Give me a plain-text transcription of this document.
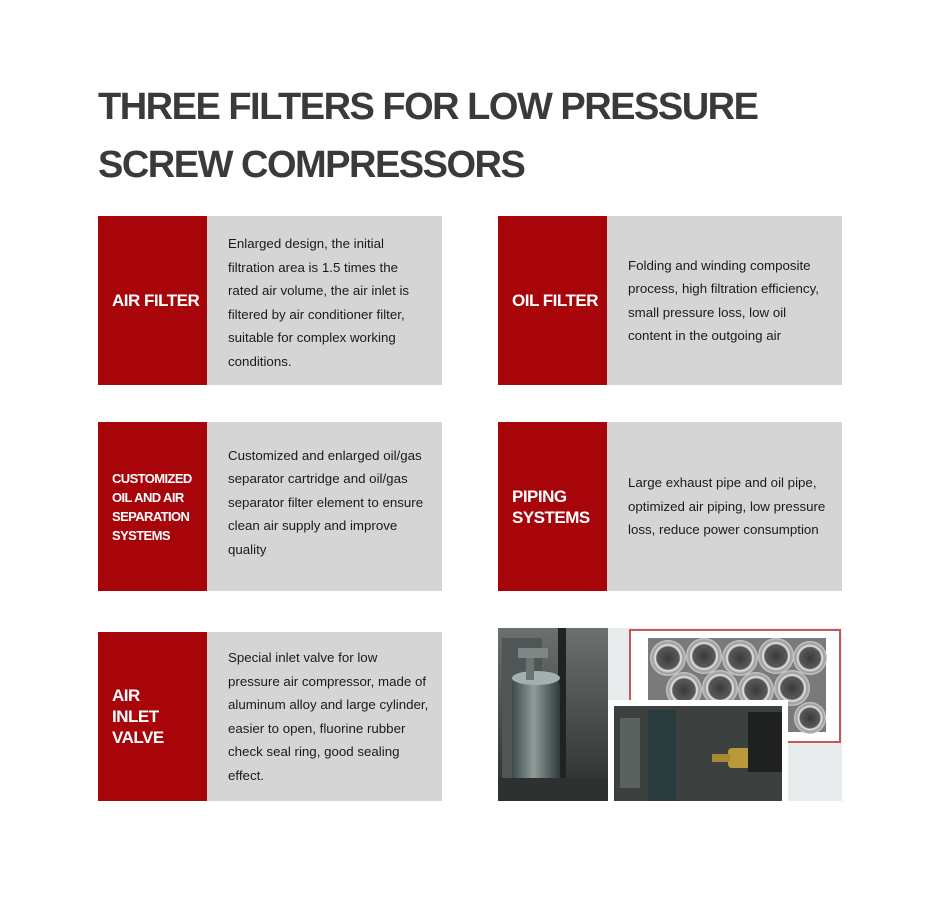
THREE FILTERS FOR LOW PRESSURE
SCREW COMPRESSORS
AIR FILTER
Enlarged design, the initial filtration area is 1.5 times the rated air volume, the air inlet is filtered by air conditioner filter, suitable for complex working conditions.
OIL FILTER
Folding and winding composite process, high filtration efficiency, small pressure loss, low oil content in the outgoing air
CUSTOMIZED OIL AND AIR SEPARATION SYSTEMS
Customized and enlarged oil/gas separator cartridge and oil/gas separator filter element to ensure clean air supply and improve quality
PIPING SYSTEMS
Large exhaust pipe and oil pipe, optimized air piping, low pressure loss, reduce power consumption
AIR INLET VALVE
Special inlet valve for low pressure air compressor, made of aluminum alloy and large cylinder, easier to open, fluorine rubber check seal ring, good sealing effect.
